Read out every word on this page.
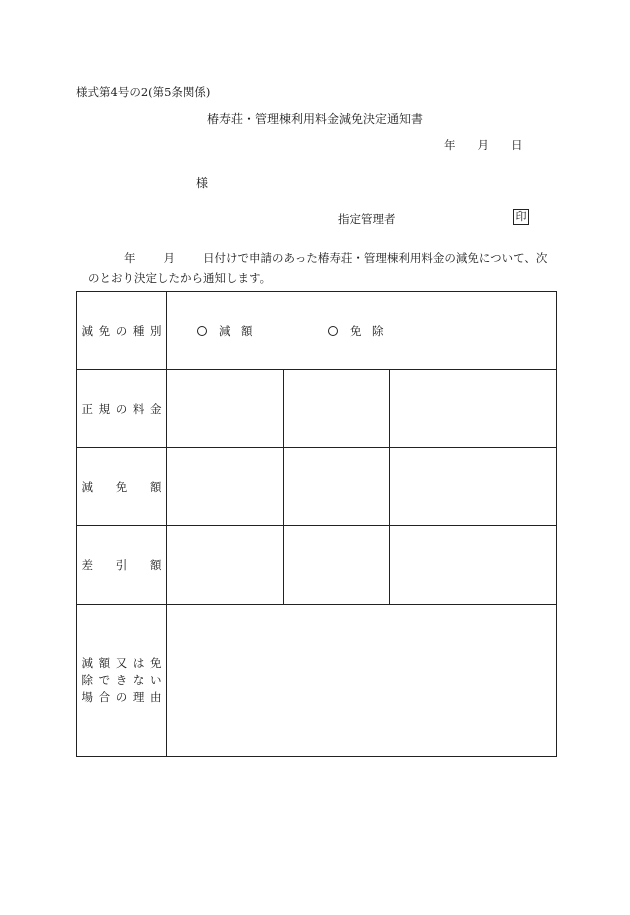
様式第4号の2(第5条関係)
椿寿荘・管理棟利用料金減免決定通知書
年 月 日
様
指定管理者	印
年 月 日付けで申請のあった椿寿荘・管理棟利用料金の減免について、次
のとおり決定したから通知します。
減 免 の 種 別	減 額	免 除
正 規 の 料 金
減 免 額
差 引 額
減 額 又 は 免
除 で き な い
場 合 の 理 由
